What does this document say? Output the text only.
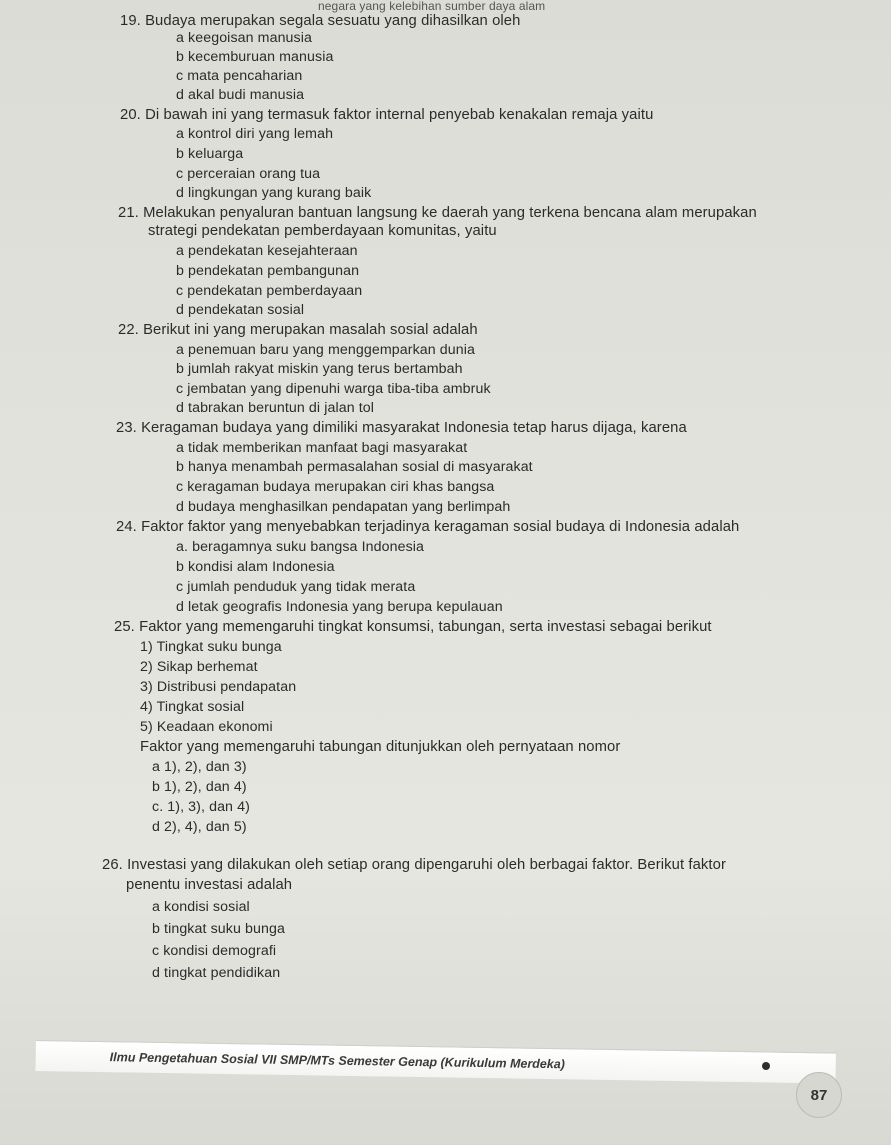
negara yang kelebihan sumber daya alam
19. Budaya merupakan segala sesuatu yang dihasilkan oleh
a keegoisan manusia
b kecemburuan manusia
c mata pencaharian
d akal budi manusia
20. Di bawah ini yang termasuk faktor internal penyebab kenakalan remaja yaitu
a kontrol diri yang lemah
b keluarga
c perceraian orang tua
d lingkungan yang kurang baik
21. Melakukan penyaluran bantuan langsung ke daerah yang terkena bencana alam merupakan
strategi pendekatan pemberdayaan komunitas, yaitu
a pendekatan kesejahteraan
b pendekatan pembangunan
c pendekatan pemberdayaan
d pendekatan sosial
22. Berikut ini yang merupakan masalah sosial adalah
a penemuan baru yang menggemparkan dunia
b jumlah rakyat miskin yang terus bertambah
c jembatan yang dipenuhi warga tiba-tiba ambruk
d tabrakan beruntun di jalan tol
23. Keragaman budaya yang dimiliki masyarakat Indonesia tetap harus dijaga, karena
a tidak memberikan manfaat bagi masyarakat
b hanya menambah permasalahan sosial di masyarakat
c keragaman budaya merupakan ciri khas bangsa
d budaya menghasilkan pendapatan yang berlimpah
24. Faktor faktor yang menyebabkan terjadinya keragaman sosial budaya di Indonesia adalah
a. beragamnya suku bangsa Indonesia
b kondisi alam Indonesia
c jumlah penduduk yang tidak merata
d letak geografis Indonesia yang berupa kepulauan
25. Faktor yang memengaruhi tingkat konsumsi, tabungan, serta investasi sebagai berikut
1) Tingkat suku bunga
2) Sikap berhemat
3) Distribusi pendapatan
4) Tingkat sosial
5) Keadaan ekonomi
Faktor yang memengaruhi tabungan ditunjukkan oleh pernyataan nomor
a 1), 2), dan 3)
b 1), 2), dan 4)
c. 1), 3), dan 4)
d 2), 4), dan 5)
26. Investasi yang dilakukan oleh setiap orang dipengaruhi oleh berbagai faktor. Berikut faktor
penentu investasi adalah
a kondisi sosial
b tingkat suku bunga
c kondisi demografi
d tingkat pendidikan
Ilmu Pengetahuan Sosial VII SMP/MTs Semester Genap (Kurikulum Merdeka)
87
